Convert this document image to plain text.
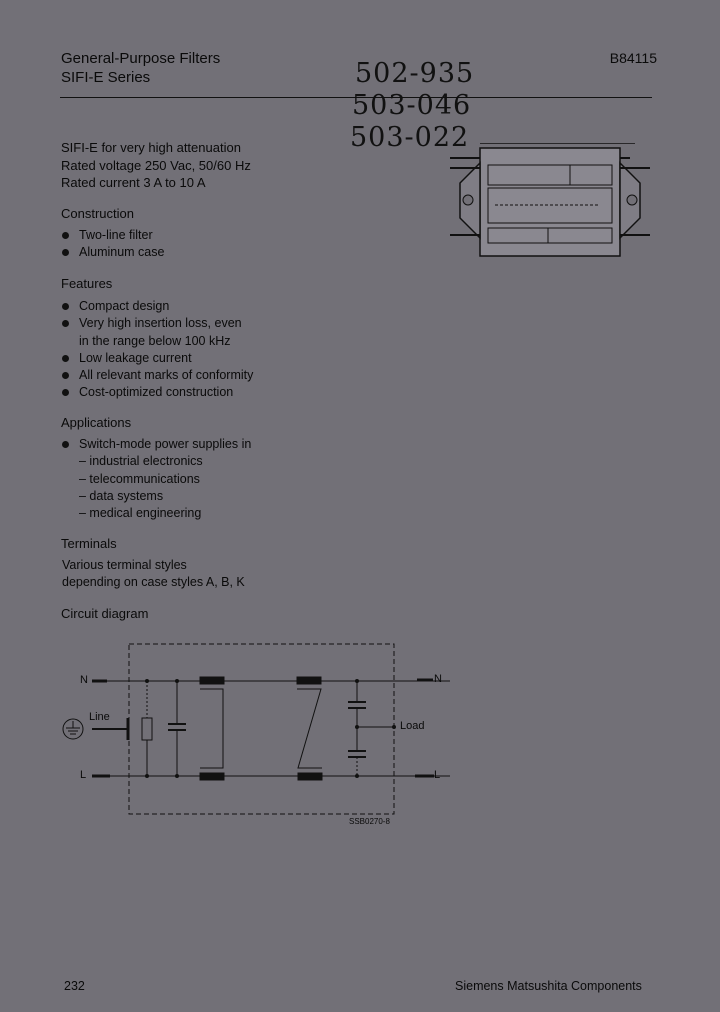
General-Purpose Filters
SIFI-E Series
B84115
502-935
503-046
503-022
SIFI-E for very high attenuation
Rated voltage 250 Vac, 50/60 Hz
Rated current 3 A to 10 A
Construction
Two-line filter
Aluminum case
Features
Compact design
Very high insertion loss, even
in the range below 100 kHz
Low leakage current
All relevant marks of conformity
Cost-optimized construction
Applications
Switch-mode power supplies in
– industrial electronics
– telecommunications
– data systems
– medical engineering
Terminals
Various terminal styles
depending on case styles A, B, K
Circuit diagram
N
L
Line
N
L
Load
SSB0270-8
232	Siemens Matsushita Components
